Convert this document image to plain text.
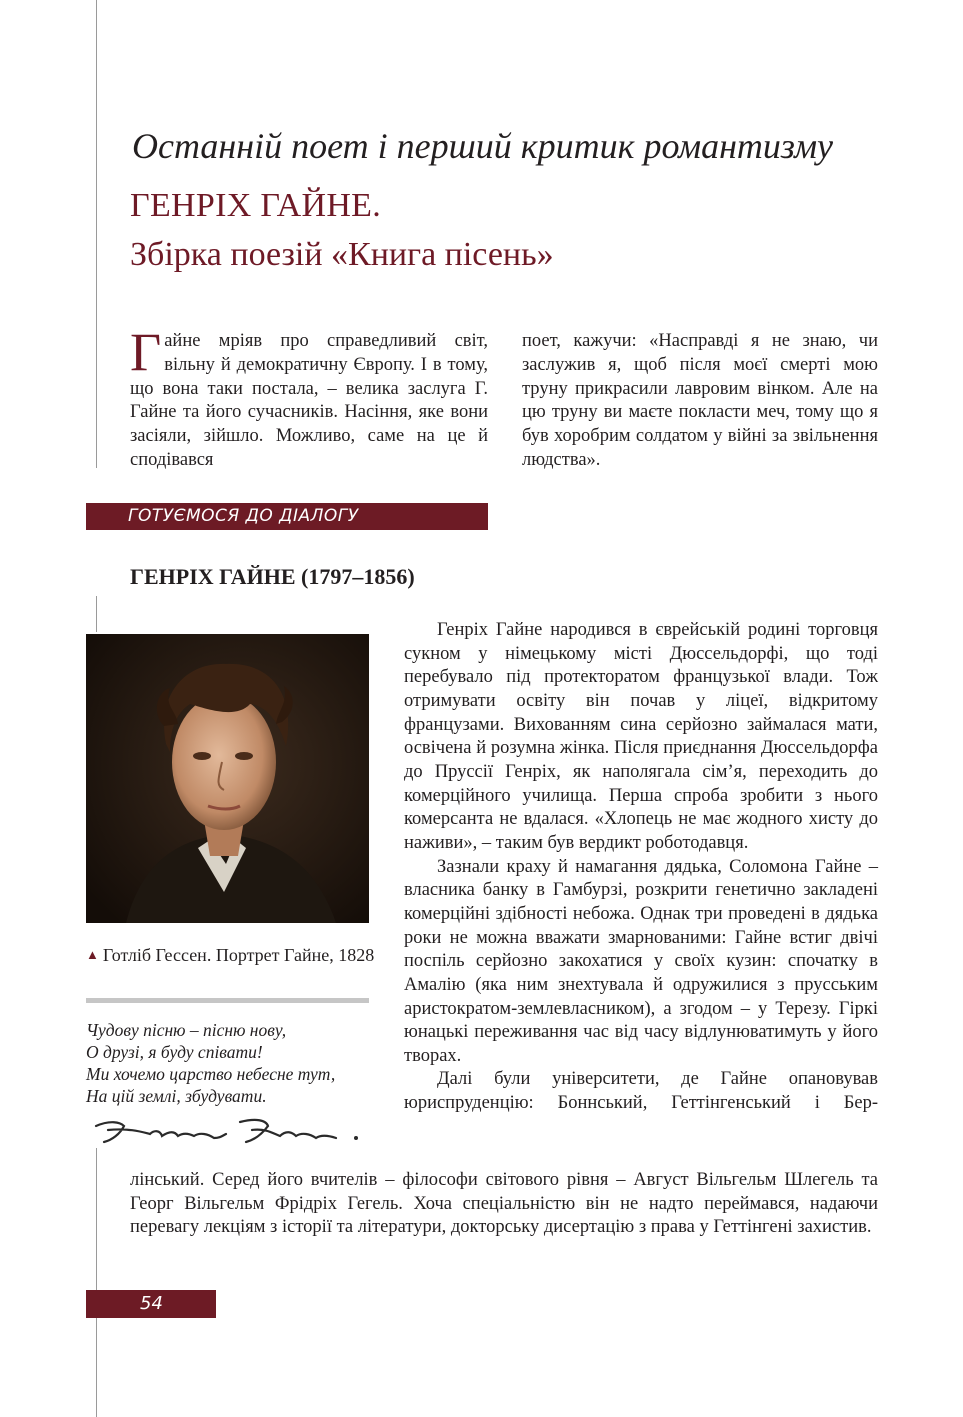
Останній поет і перший критик романтизму
ГЕНРІХ ГАЙНЕ.
Збірка поезій «Книга пісень»
Гайне мріяв про справедливий світ, вільну й демократичну Європу. І в тому, що вона таки постала, – велика заслуга Г. Гайне та його сучасників. Насіння, яке вони засіяли, зійшло. Можливо, саме на це й сподівався
поет, кажучи: «Насправді я не знаю, чи заслужив я, щоб після моєї смерті мою труну прикрасили лавровим вінком. Але на цю труну ви маєте покласти меч, тому що я був хоробрим солдатом у війні за звільнення людства».
ГОТУЄМОСЯ ДО ДІАЛОГУ
ГЕНРІХ ГАЙНЕ (1797–1856)
▲ Готліб Гессен. Портрет Гайне, 1828
Чудову пісню – пісню нову,
О друзі, я буду співати!
Ми хочемо царство небесне тут,
На цій землі, збудувати.

Генріх Гайне народився в єврейській родині торговця сукном у німецькому місті Дюссельдорфі, що тоді перебувало під протекторатом французької влади. Тож отримувати освіту він почав у ліцеї, відкритому французами. Вихованням сина серйозно займалася мати, освічена й розумна жінка. Після приєднання Дюссельдорфа до Пруссії Генріх, як наполягала сім’я, переходить до комерційного училища. Перша спроба зробити з нього комерсанта не вдалася. «Хлопець не має жодного хисту до наживи», – таким був вердикт роботодавця.

Зазнали краху й намагання дядька, Соломона Гайне – власника банку в Гамбурзі, розкрити генетично закладені комерційні здібності небожа. Однак три проведені в дядька роки не можна вважати змарнованими: Гайне встиг двічі поспіль серйозно закохатися у своїх кузин: спочатку в Амалію (яка ним знехтувала й одружилися з прусським аристократом-землевласником), а згодом – у Терезу. Гіркі юнацькі переживання час від часу відлунюватимуть у його творах.

Далі були університети, де Гайне опановував юриспруденцію: Боннський, Геттінгенський і Бер-

лінський. Серед його вчителів – філософи світового рівня – Август Вільгельм Шлегель та Георг Вільгельм Фрідріх Гегель. Хоча спеціальністю він не надто переймався, надаючи перевагу лекціям з історії та літератури, докторську дисертацію з права у Геттінгені захистив.
54
